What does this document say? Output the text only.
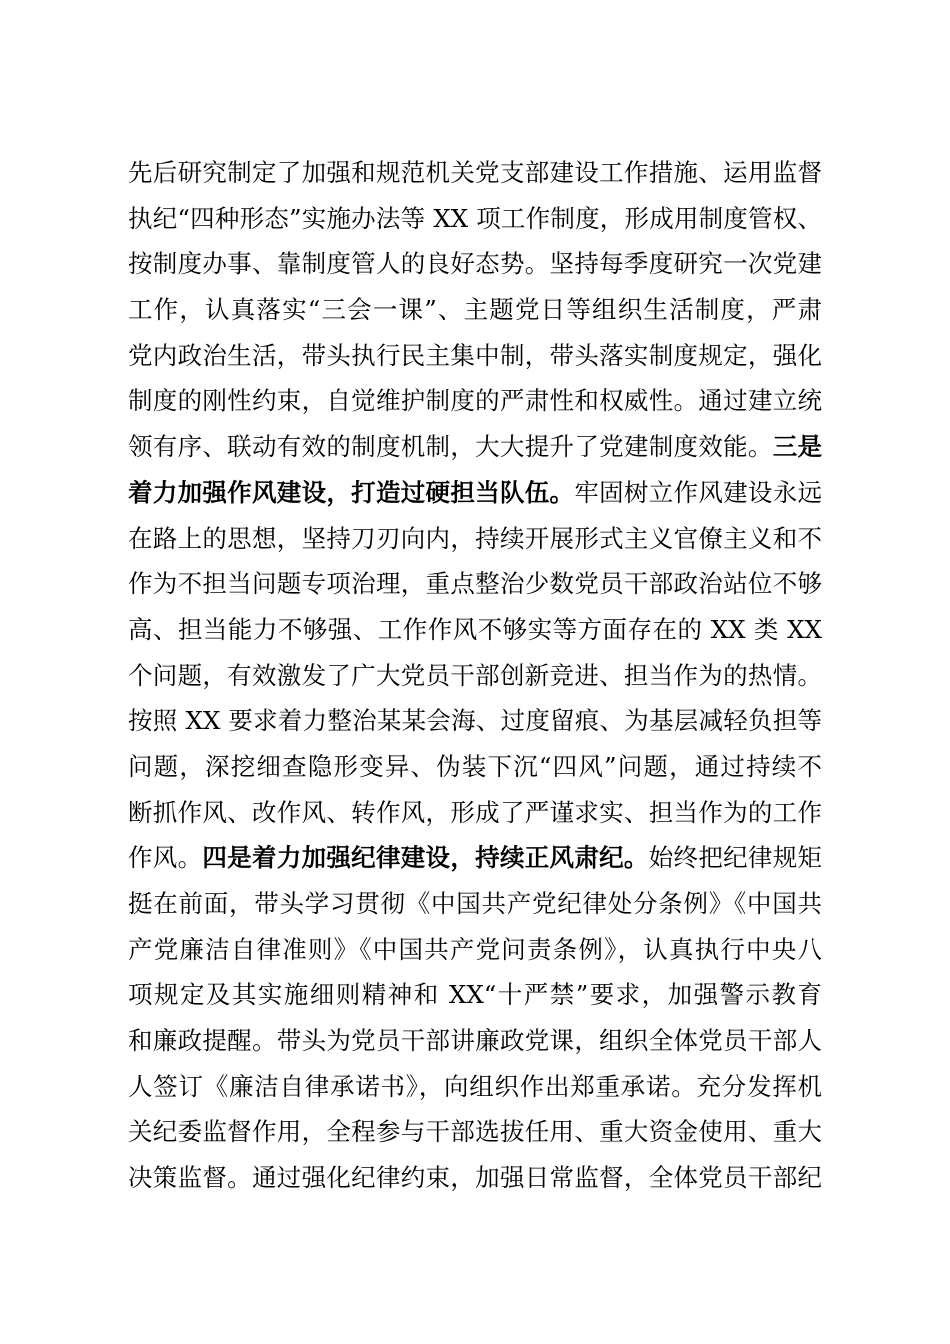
先后研究制定了加强和规范机关党支部建设工作措施、运用监督
执纪“四种形态”实施办法等 XX 项工作制度，形成用制度管权、
按制度办事、靠制度管人的良好态势。坚持每季度研究一次党建
工作，认真落实“三会一课”、主题党日等组织生活制度，严肃
党内政治生活，带头执行民主集中制，带头落实制度规定，强化
制度的刚性约束，自觉维护制度的严肃性和权威性。通过建立统
领有序、联动有效的制度机制，大大提升了党建制度效能。三是
着力加强作风建设，打造过硬担当队伍。牢固树立作风建设永远
在路上的思想，坚持刀刃向内，持续开展形式主义官僚主义和不
作为不担当问题专项治理，重点整治少数党员干部政治站位不够
高、担当能力不够强、工作作风不够实等方面存在的 XX 类 XX
个问题，有效激发了广大党员干部创新竞进、担当作为的热情。
按照 XX 要求着力整治某某会海、过度留痕、为基层减轻负担等
问题，深挖细查隐形变异、伪装下沉“四风”问题，通过持续不
断抓作风、改作风、转作风，形成了严谨求实、担当作为的工作
作风。四是着力加强纪律建设，持续正风肃纪。始终把纪律规矩
挺在前面，带头学习贯彻《中国共产党纪律处分条例》《中国共
产党廉洁自律准则》《中国共产党问责条例》，认真执行中央八
项规定及其实施细则精神和 XX“十严禁”要求，加强警示教育
和廉政提醒。带头为党员干部讲廉政党课，组织全体党员干部人
人签订《廉洁自律承诺书》，向组织作出郑重承诺。充分发挥机
关纪委监督作用，全程参与干部选拔任用、重大资金使用、重大
决策监督。通过强化纪律约束，加强日常监督，全体党员干部纪
